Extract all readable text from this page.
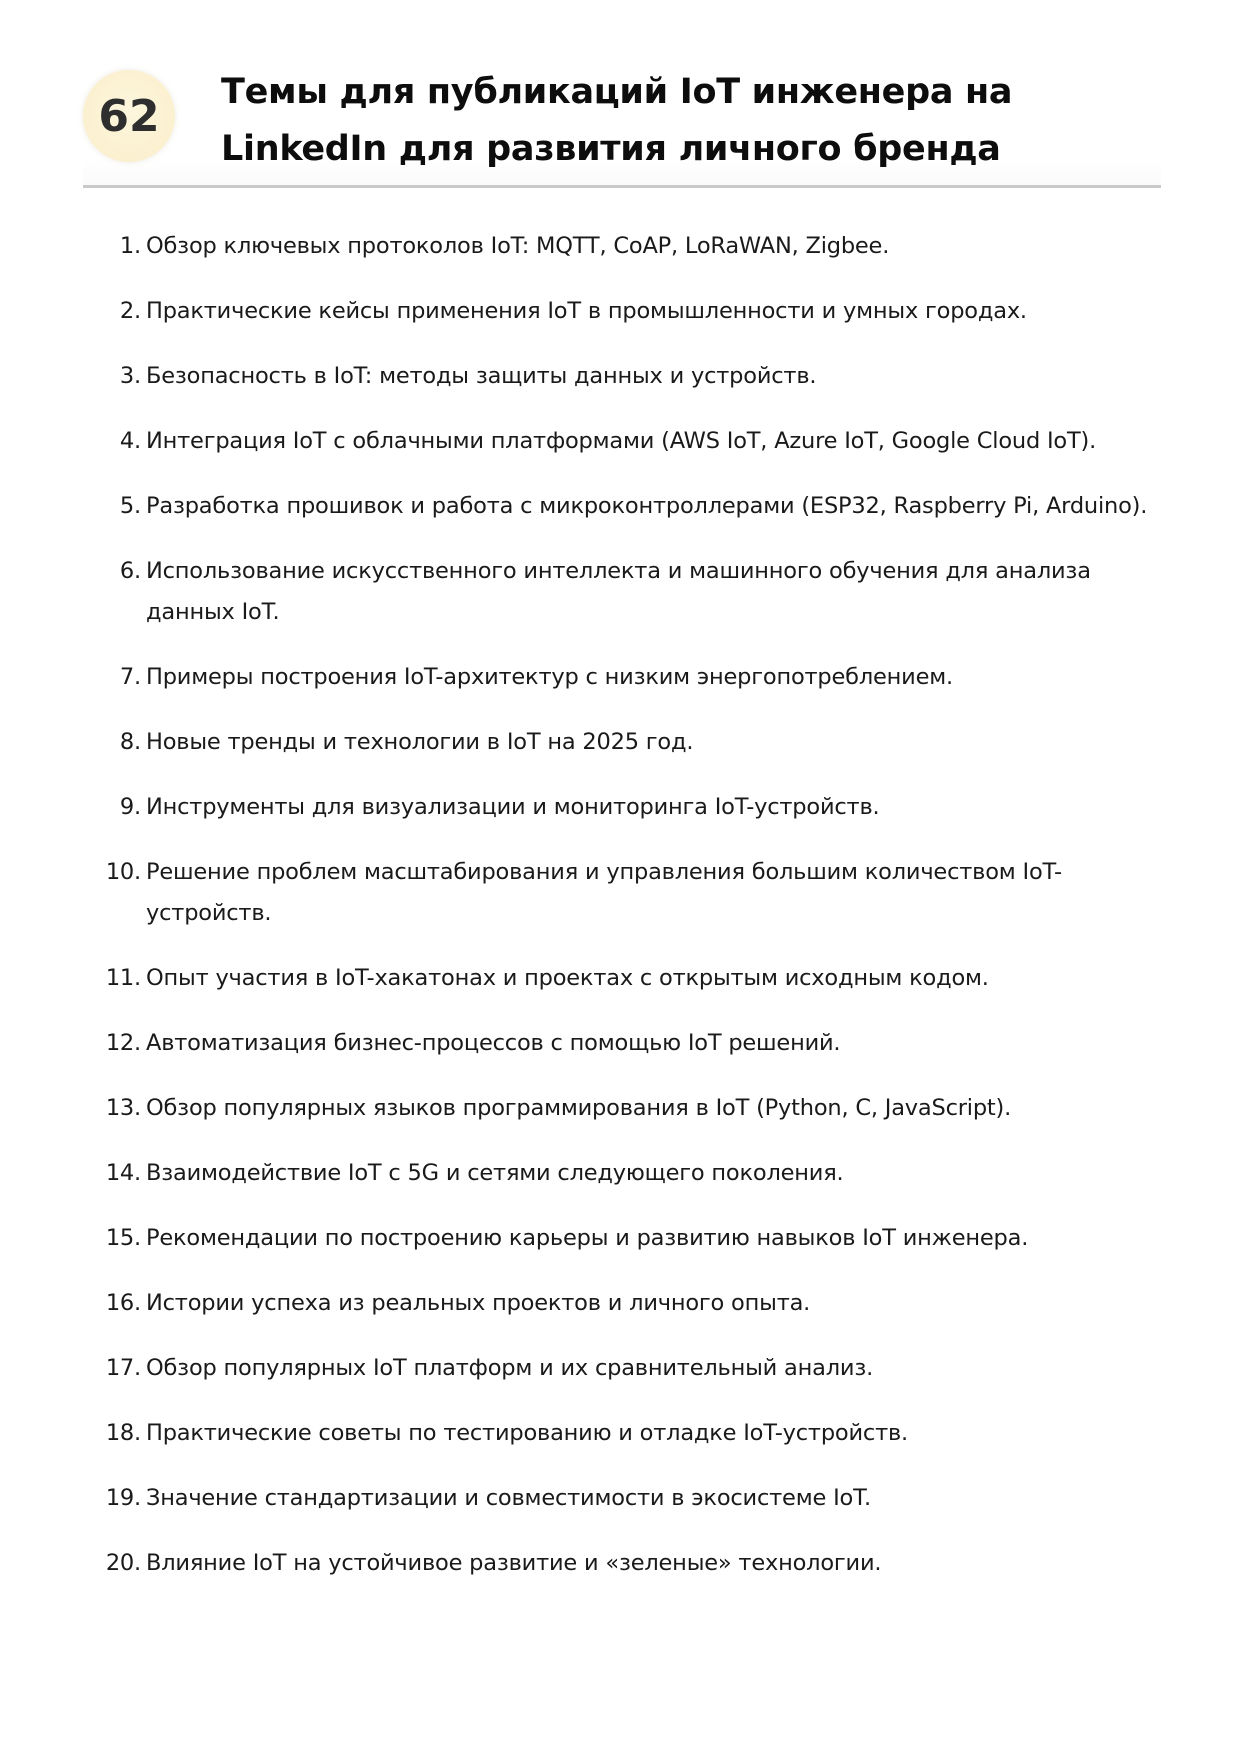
62	Темы для публикаций IoT инженера на LinkedIn для развития личного бренда
1. Обзор ключевых протоколов IoT: MQTT, CoAP, LoRaWAN, Zigbee.
2. Практические кейсы применения IoT в промышленности и умных городах.
3. Безопасность в IoT: методы защиты данных и устройств.
4. Интеграция IoT с облачными платформами (AWS IoT, Azure IoT, Google Cloud IoT).
5. Разработка прошивок и работа с микроконтроллерами (ESP32, Raspberry Pi, Arduino).
6. Использование искусственного интеллекта и машинного обучения для анализа данных IoT.
7. Примеры построения IoT-архитектур с низким энергопотреблением.
8. Новые тренды и технологии в IoT на 2025 год.
9. Инструменты для визуализации и мониторинга IoT-устройств.
10. Решение проблем масштабирования и управления большим количеством IoT-устройств.
11. Опыт участия в IoT-хакатонах и проектах с открытым исходным кодом.
12. Автоматизация бизнес-процессов с помощью IoT решений.
13. Обзор популярных языков программирования в IoT (Python, C, JavaScript).
14. Взаимодействие IoT с 5G и сетями следующего поколения.
15. Рекомендации по построению карьеры и развитию навыков IoT инженера.
16. Истории успеха из реальных проектов и личного опыта.
17. Обзор популярных IoT платформ и их сравнительный анализ.
18. Практические советы по тестированию и отладке IoT-устройств.
19. Значение стандартизации и совместимости в экосистеме IoT.
20. Влияние IoT на устойчивое развитие и «зеленые» технологии.
